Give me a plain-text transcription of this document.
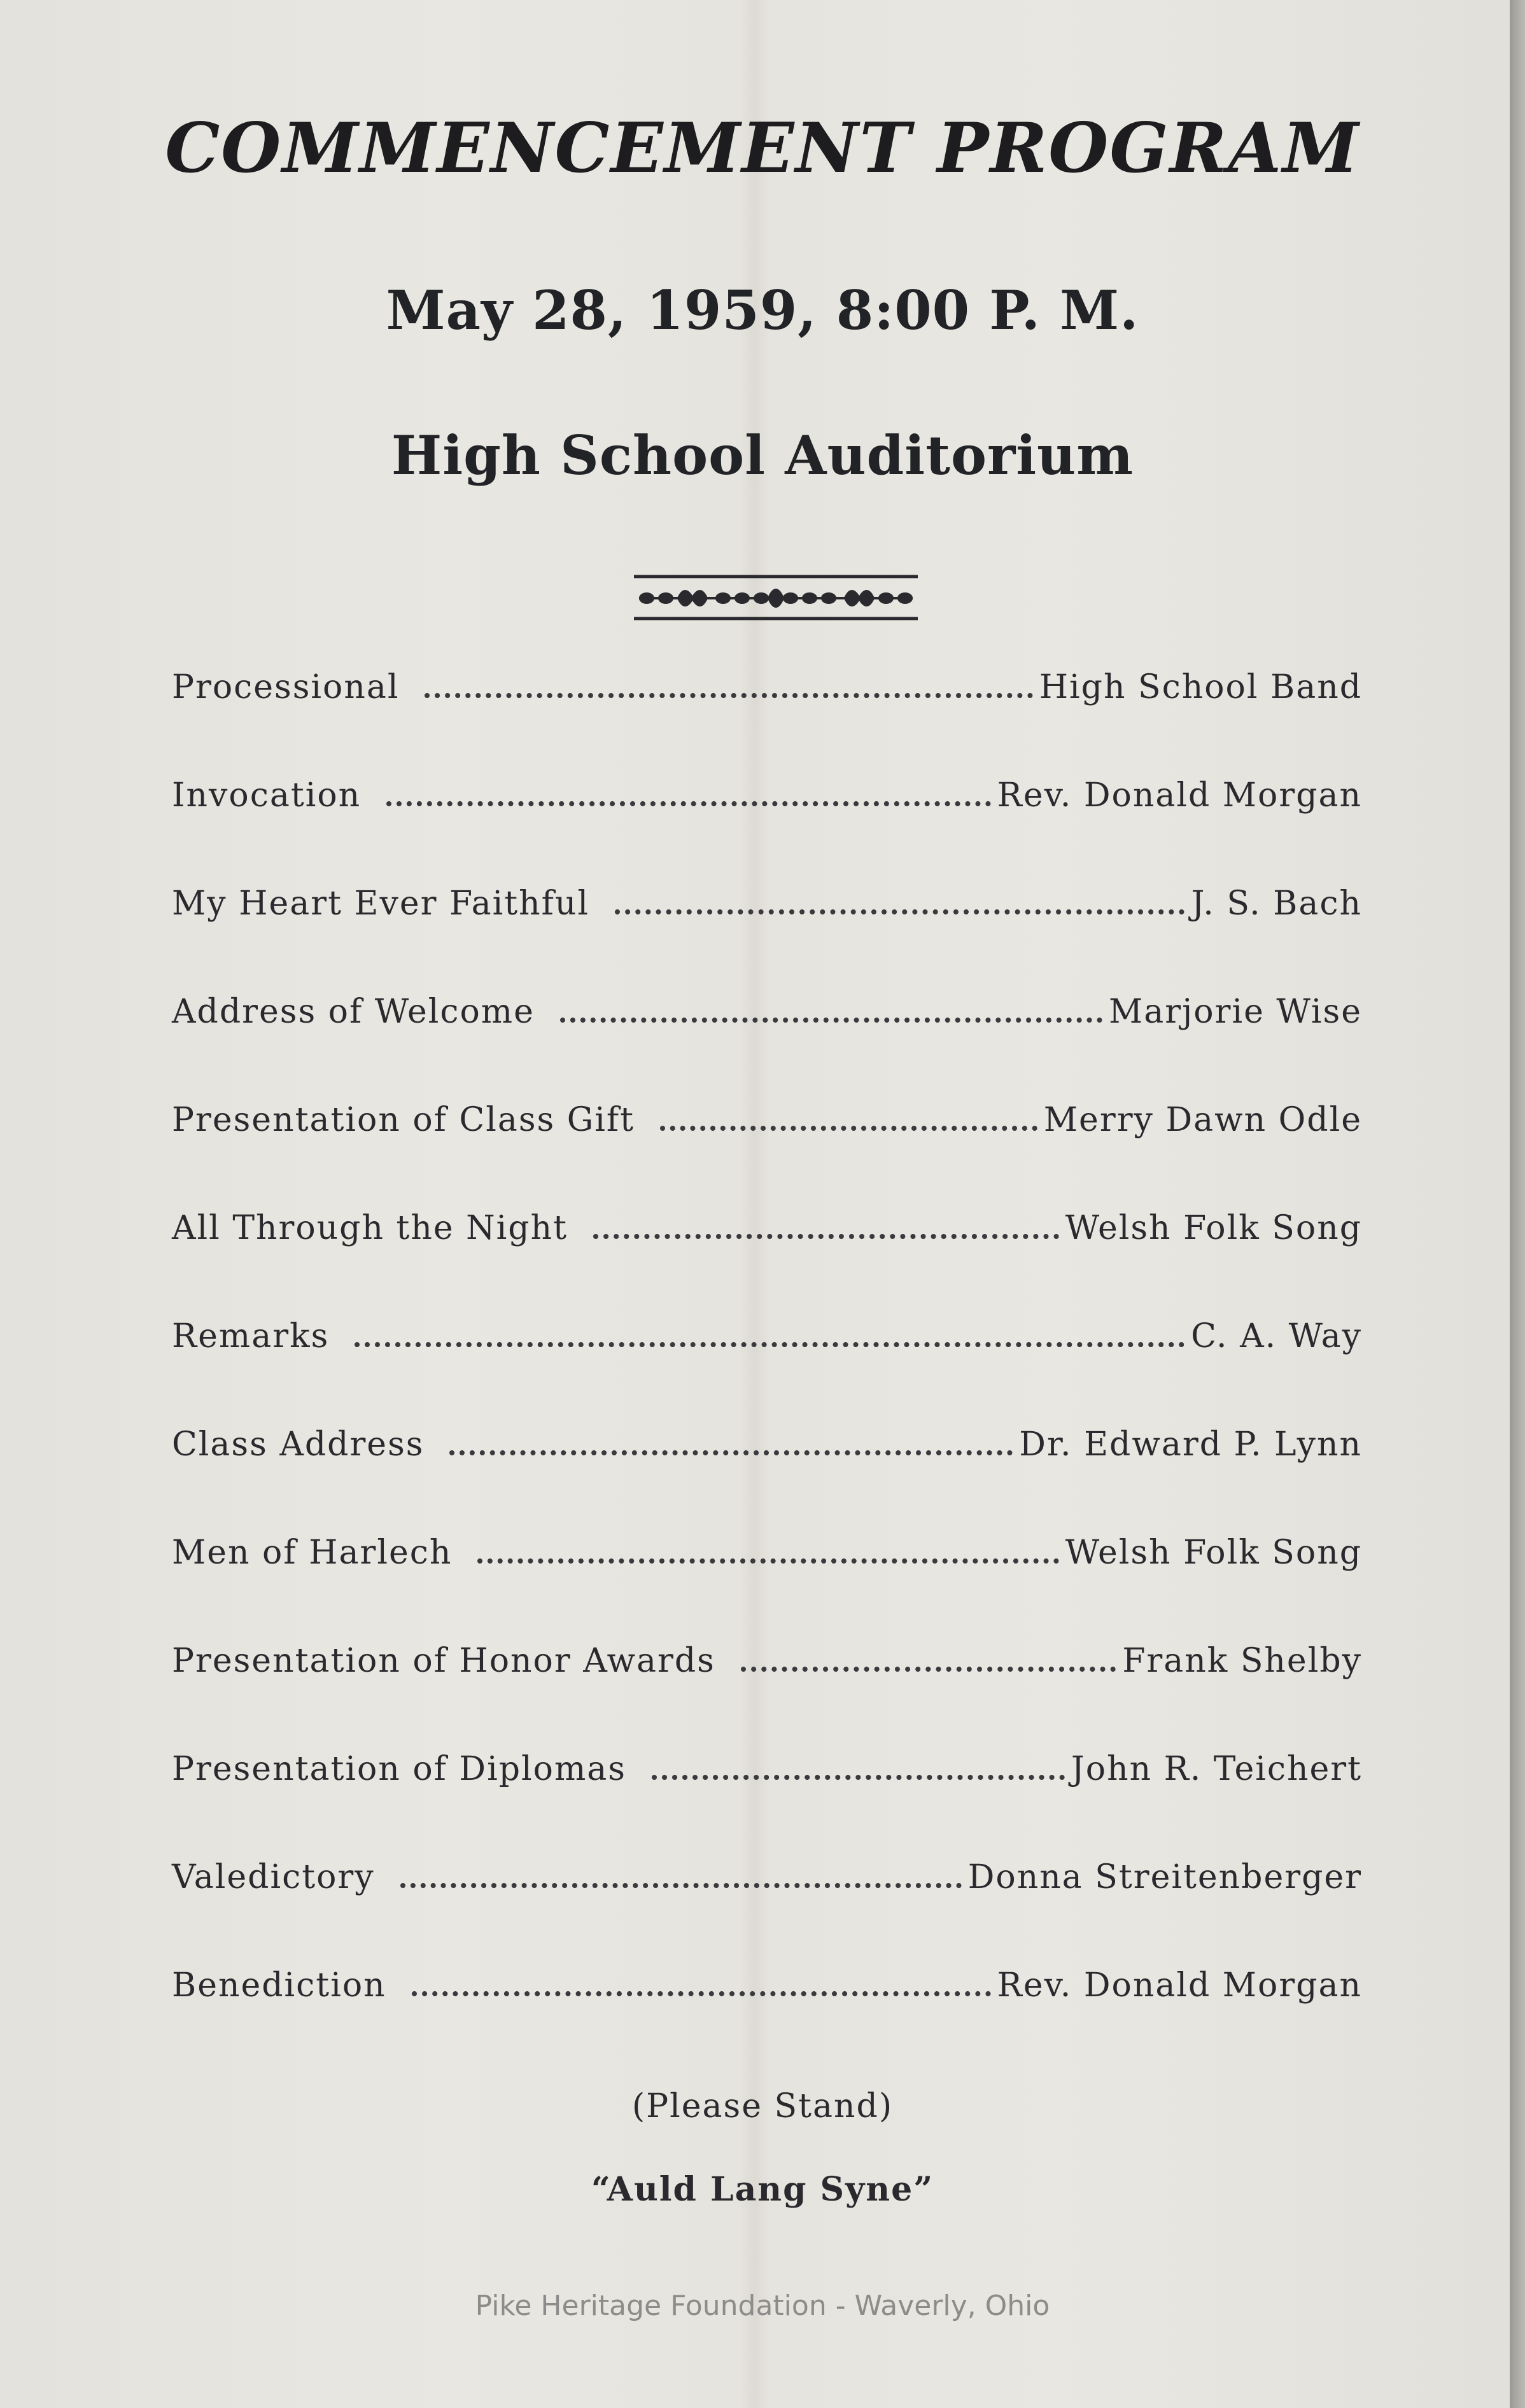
COMMENCEMENT PROGRAM

May 28, 1959, 8:00 P. M.

High School Auditorium

Processional	High School Band
Invocation	Rev. Donald Morgan
My Heart Ever Faithful	J. S. Bach
Address of Welcome	Marjorie Wise
Presentation of Class Gift	Merry Dawn Odle
All Through the Night	Welsh Folk Song
Remarks	C. A. Way
Class Address	Dr. Edward P. Lynn
Men of Harlech	Welsh Folk Song
Presentation of Honor Awards	Frank Shelby
Presentation of Diplomas	John R. Teichert
Valedictory	Donna Streitenberger
Benediction	Rev. Donald Morgan

(Please Stand)

“Auld Lang Syne”

Pike Heritage Foundation - Waverly, Ohio
